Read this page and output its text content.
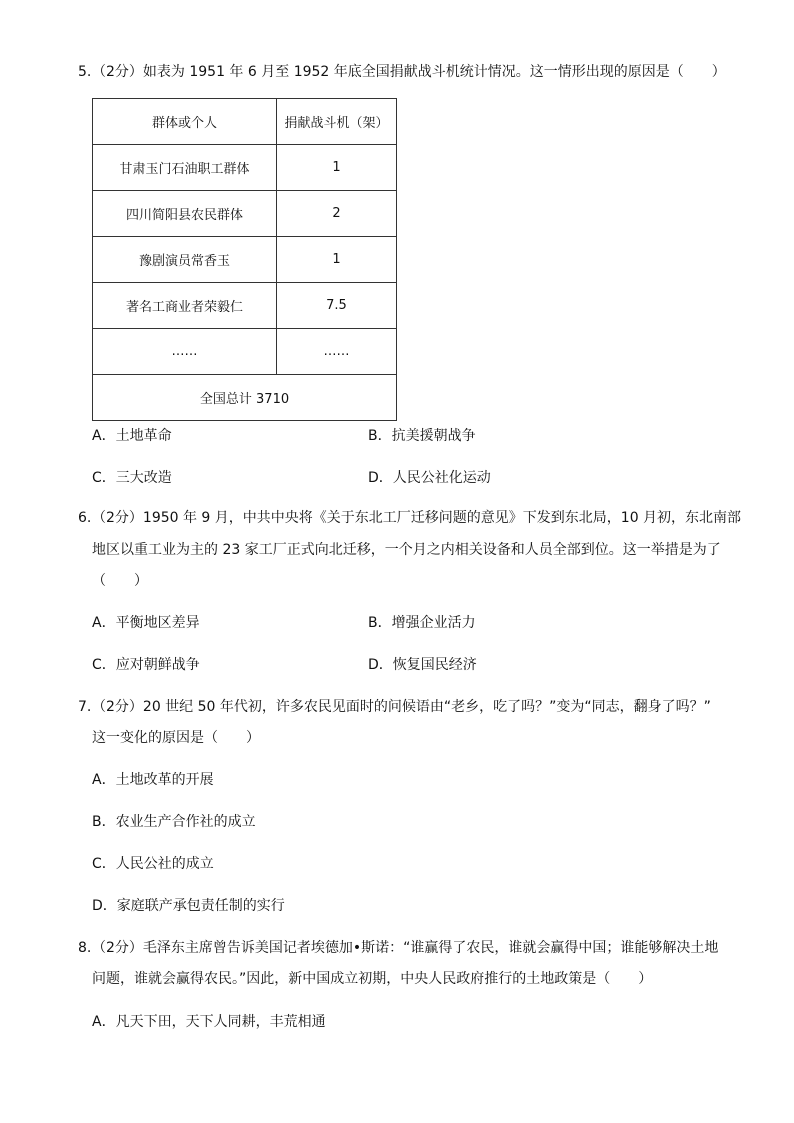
5. （2分）如表为 1951 年 6 月至 1952 年底全国捐献战斗机统计情况。这一情形出现的原因是（　　）
群体或个人	捐献战斗机（架）
甘肃玉门石油职工群体	1
四川简阳县农民群体	2
豫剧演员常香玉	1
著名工商业者荣毅仁	7.5
……	……
全国总计 3710	
A．土地革命	B．抗美援朝战争
C．三大改造	D．人民公社化运动
6. （2分）1950 年 9 月，中共中央将《关于东北工厂迁移问题的意见》下发到东北局，10 月初，东北南部
地区以重工业为主的 23 家工厂正式向北迁移，一个月之内相关设备和人员全部到位。这一举措是为了
（　　）
A．平衡地区差异	B．增强企业活力
C．应对朝鲜战争	D．恢复国民经济
7. （2分）20 世纪 50 年代初，许多农民见面时的问候语由“老乡，吃了吗？”变为“同志，翻身了吗？”
这一变化的原因是（　　）
A．土地改革的开展
B．农业生产合作社的成立
C．人民公社的成立
D．家庭联产承包责任制的实行
8. （2分）毛泽东主席曾告诉美国记者埃德加•斯诺：“谁赢得了农民，谁就会赢得中国；谁能够解决土地
问题，谁就会赢得农民。”因此，新中国成立初期，中央人民政府推行的土地政策是（　　）
A．凡天下田，天下人同耕，丰荒相通
